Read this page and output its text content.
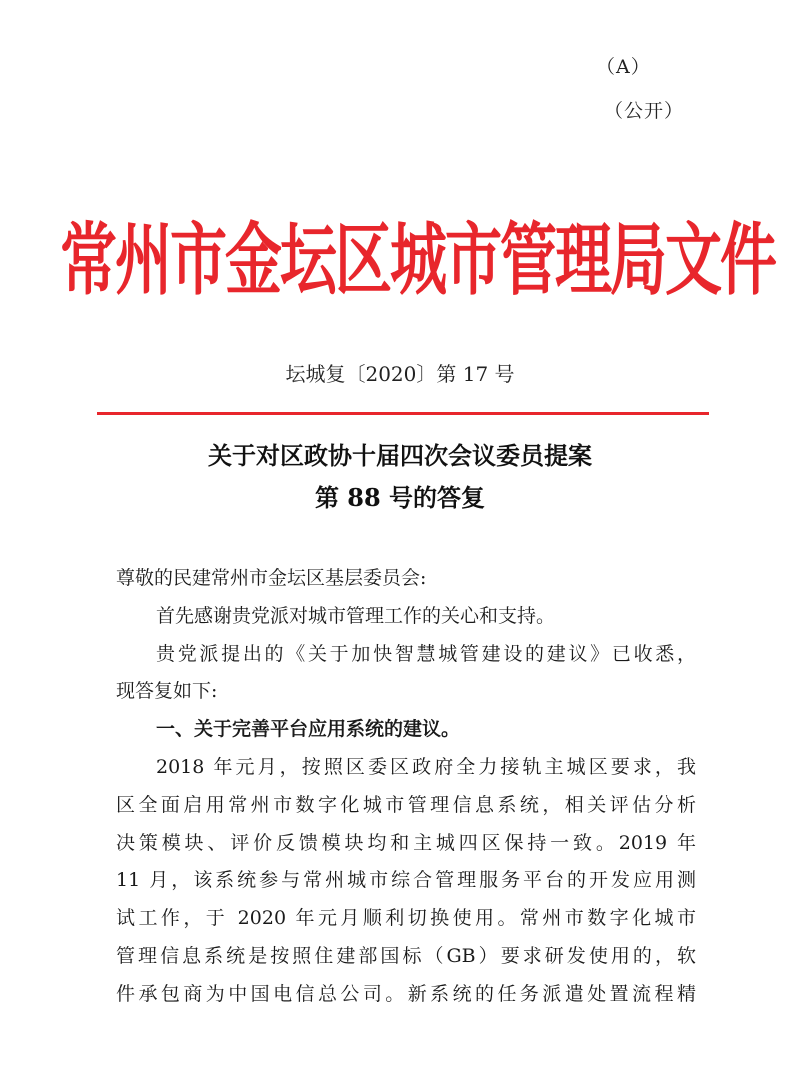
（A）
（公开）
常州市金坛区城市管理局文件
坛城复〔2020〕第 17 号
关于对区政协十届四次会议委员提案
第 88 号的答复
尊敬的民建常州市金坛区基层委员会:
首先感谢贵党派对城市管理工作的关心和支持。
贵党派提出的《关于加快智慧城管建设的建议》已收悉，
现答复如下:
一、关于完善平台应用系统的建议。
2018 年元月，按照区委区政府全力接轨主城区要求，我
区全面启用常州市数字化城市管理信息系统，相关评估分析
决策模块、评价反馈模块均和主城四区保持一致。2019 年
11 月，该系统参与常州城市综合管理服务平台的开发应用测
试工作，于 2020 年元月顺利切换使用。常州市数字化城市
管理信息系统是按照住建部国标（GB）要求研发使用的，软
件承包商为中国电信总公司。新系统的任务派遣处置流程精
